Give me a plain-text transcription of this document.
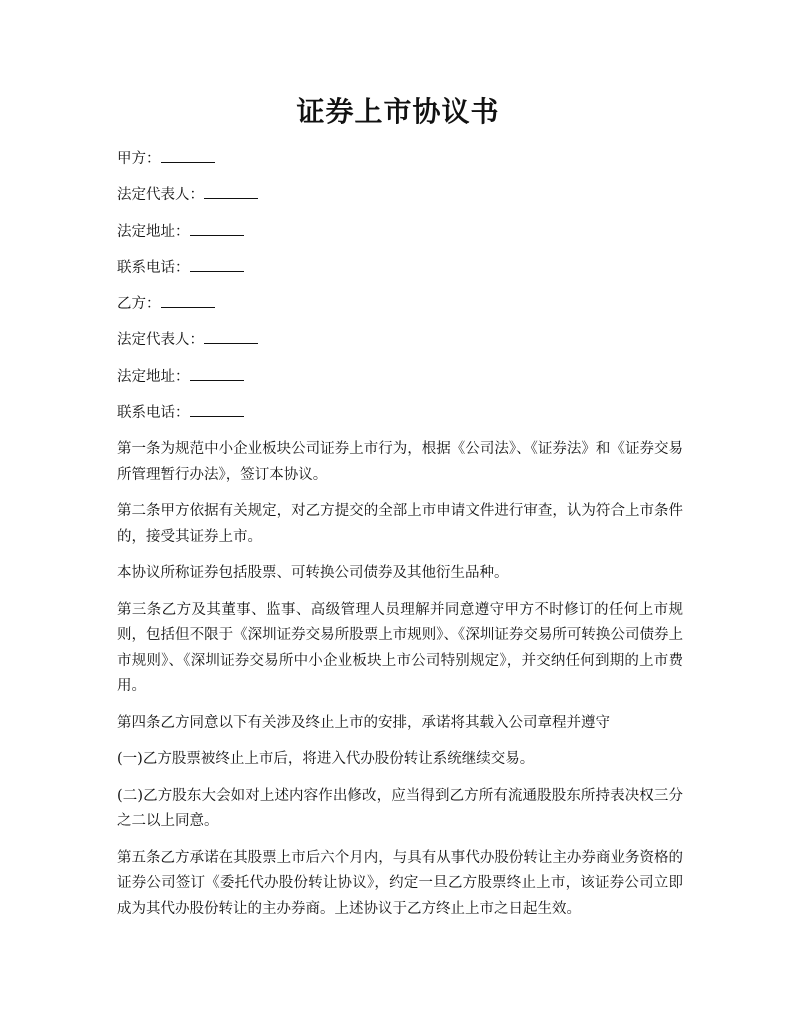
证券上市协议书
甲方：
法定代表人：
法定地址：
联系电话：
乙方：
法定代表人：
法定地址：
联系电话：

第一条为规范中小企业板块公司证券上市行为，根据《公司法》、《证券法》和《证券交易所管理暂行办法》，签订本协议。

第二条甲方依据有关规定，对乙方提交的全部上市申请文件进行审查，认为符合上市条件的，接受其证券上市。

本协议所称证券包括股票、可转换公司债券及其他衍生品种。

第三条乙方及其董事、监事、高级管理人员理解并同意遵守甲方不时修订的任何上市规则，包括但不限于《深圳证券交易所股票上市规则》、《深圳证券交易所可转换公司债券上市规则》、《深圳证券交易所中小企业板块上市公司特别规定》，并交纳任何到期的上市费用。

第四条乙方同意以下有关涉及终止上市的安排，承诺将其载入公司章程并遵守

(一)乙方股票被终止上市后，将进入代办股份转让系统继续交易。

(二)乙方股东大会如对上述内容作出修改，应当得到乙方所有流通股股东所持表决权三分之二以上同意。

第五条乙方承诺在其股票上市后六个月内，与具有从事代办股份转让主办券商业务资格的证券公司签订《委托代办股份转让协议》，约定一旦乙方股票终止上市，该证券公司立即成为其代办股份转让的主办券商。上述协议于乙方终止上市之日起生效。
